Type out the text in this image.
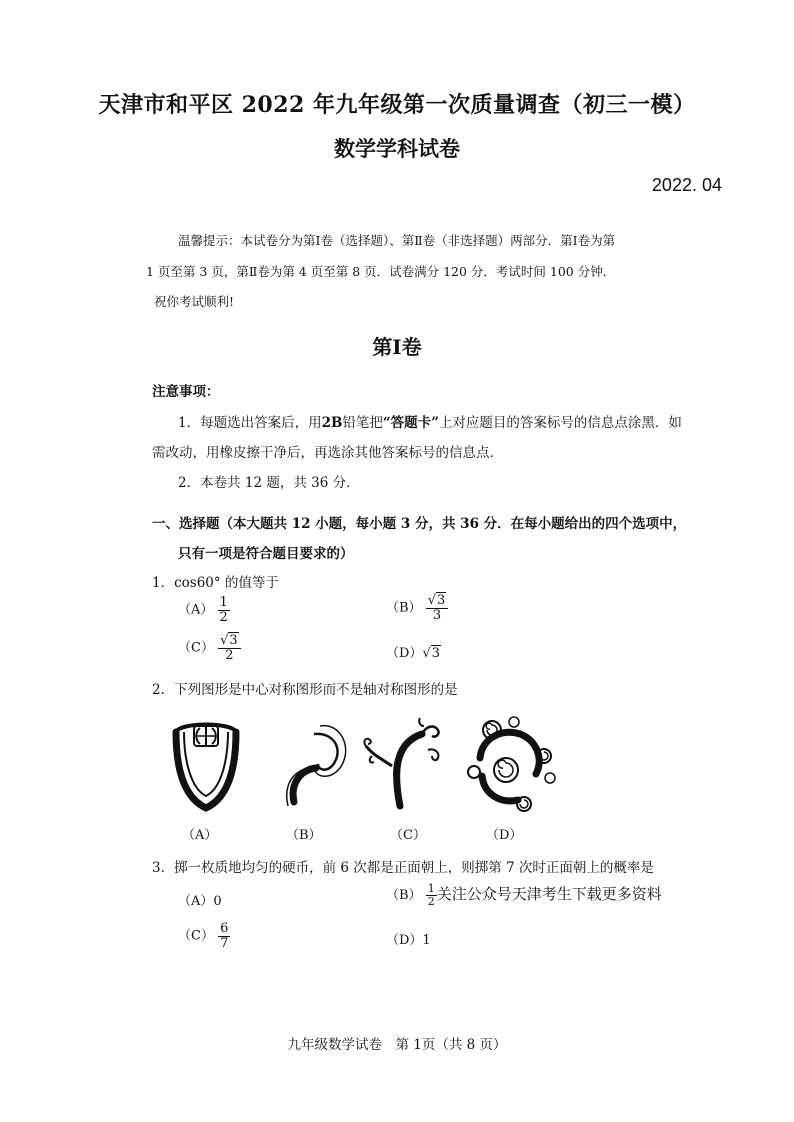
天津市和平区 2022 年九年级第一次质量调查（初三一模）
数学学科试卷
2022. 04
温馨提示：本试卷分为第Ⅰ卷（选择题）、第Ⅱ卷（非选择题）两部分．第Ⅰ卷为第
1 页至第 3 页，第Ⅱ卷为第 4 页至第 8 页．试卷满分 120 分．考试时间 100 分钟．
祝你考试顺利!
第Ⅰ卷
注意事项：
1．每题选出答案后，用2B铅笔把“答题卡”上对应题目的答案标号的信息点涂黑．如
需改动，用橡皮擦干净后，再选涂其他答案标号的信息点．
2．本卷共 12 题，共 36 分．
一、选择题（本大题共 12 小题，每小题 3 分，共 36 分．在每小题给出的四个选项中，
只有一项是符合题目要求的）
1．cos60° 的值等于
$(A) \frac{1}{2}$	$(B) \frac{√3}{3}$
$(C) \frac{√3}{2}$	（D）√3
2．下列图形是中心对称图形而不是轴对称图形的是
（A）	（B）	（C）	（D）
3．掷一枚质地均匀的硬币，前 6 次都是正面朝上，则掷第 7 次时正面朝上的概率是
（A）0	$(B) \frac{1}{2}$ 关注公众号天津考生下载更多资料
$(C) \frac{6}{7}$	（D）1
九年级数学试卷　第 1页（共 8 页）
